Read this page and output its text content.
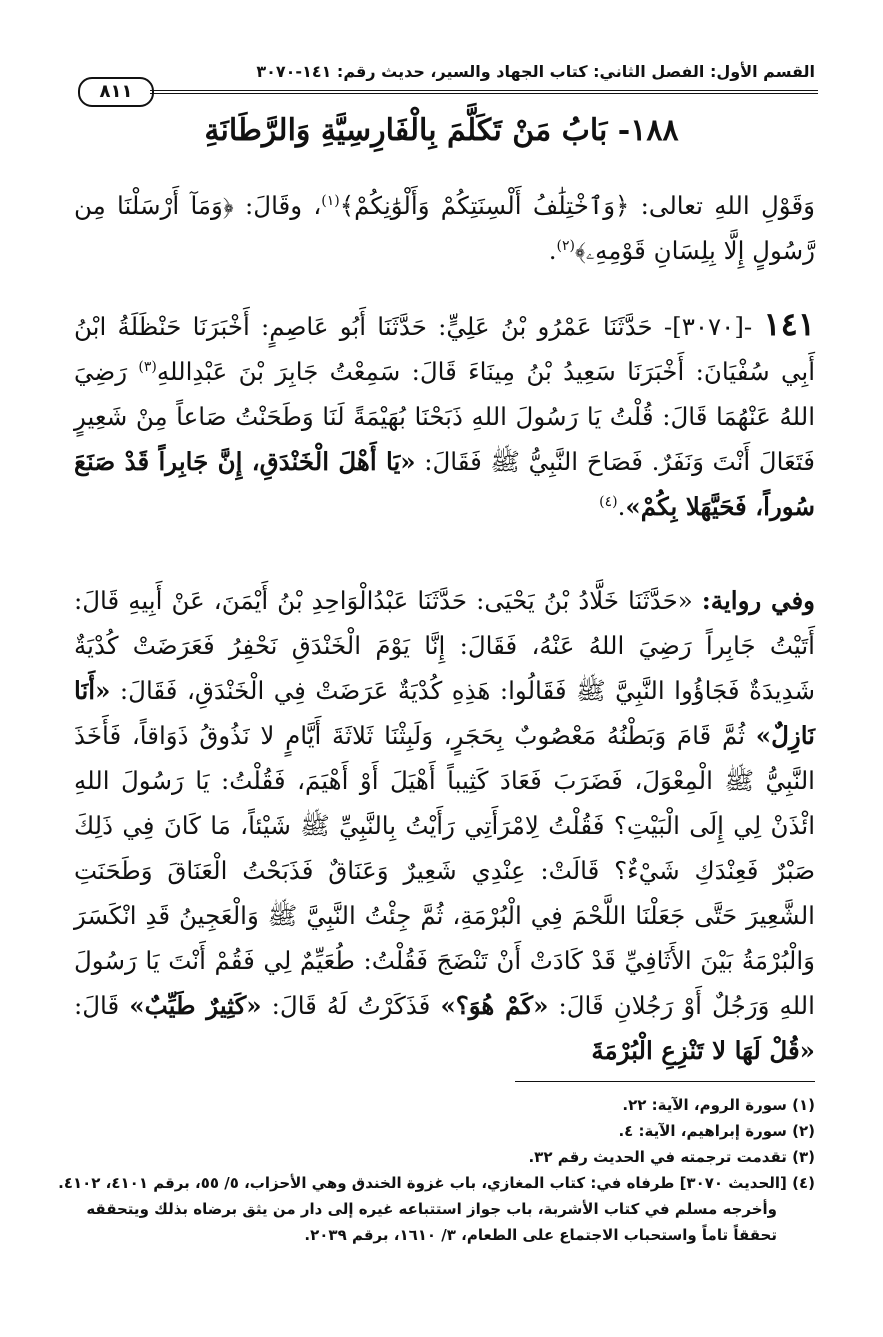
القسم الأول: الفصل الثاني: كتاب الجهاد والسير، حديث رقم: ١٤١-٣٠٧٠
٨١١
١٨٨- بَابُ مَنْ تَكَلَّمَ بِالْفَارِسِيَّةِ وَالرَّطَانَةِ

وَقَوْلِ اللهِ تعالى: ﴿وَٱخْتِلَٰفُ أَلْسِنَتِكُمْ وَأَلْوَٰنِكُمْ﴾$^{(١)}$، وقَالَ: ﴿وَمَآ أَرْسَلْنَا مِن رَّسُولٍ إِلَّا بِلِسَانِ قَوْمِهِۦ﴾$^{(٢)}$.

١٤١ -[٣٠٧٠]- حَدَّثَنَا عَمْرُو بْنُ عَلِيٍّ: حَدَّثَنَا أَبُو عَاصِمٍ: أَخْبَرَنَا حَنْظَلَةُ ابْنُ أَبِي سُفْيَانَ: أَخْبَرَنَا سَعِيدُ بْنُ مِينَاءَ قَالَ: سَمِعْتُ جَابِرَ بْنَ عَبْدِاللهِ$^{(٣)}$ رَضِيَ اللهُ عَنْهُمَا قَالَ: قُلْتُ يَا رَسُولَ اللهِ ذَبَحْنَا بُهَيْمَةً لَنَا وَطَحَنْتُ صَاعاً مِنْ شَعِيرٍ فَتَعَالَ أَنْتَ وَنَفَرٌ. فَصَاحَ النَّبِيُّ ﷺ فَقَالَ: «يَا أَهْلَ الْخَنْدَقِ، إِنَّ جَابِراً قَدْ صَنَعَ سُوراً، فَحَيَّهَلا بِكُمْ».$^{(٤)}$

وفي رواية: «حَدَّثَنَا خَلَّادُ بْنُ يَحْيَى: حَدَّثَنَا عَبْدُالْوَاحِدِ بْنُ أَيْمَنَ، عَنْ أَبِيهِ قَالَ: أَتَيْتُ جَابِراً رَضِيَ اللهُ عَنْهُ، فَقَالَ: إِنَّا يَوْمَ الْخَنْدَقِ نَحْفِرُ فَعَرَضَتْ كُدْيَةٌ شَدِيدَةٌ فَجَاؤُوا النَّبِيَّ ﷺ فَقَالُوا: هَذِهِ كُدْيَةٌ عَرَضَتْ فِي الْخَنْدَقِ، فَقَالَ: «أَنَا نَازِلٌ» ثُمَّ قَامَ وَبَطْنُهُ مَعْصُوبٌ بِحَجَرٍ، وَلَبِثْنَا ثَلاثَةَ أَيَّامٍ لا نَذُوقُ ذَوَاقاً، فَأَخَذَ النَّبِيُّ ﷺ الْمِعْوَلَ، فَضَرَبَ فَعَادَ كَثِيباً أَهْيَلَ أَوْ أَهْيَمَ، فَقُلْتُ: يَا رَسُولَ اللهِ ائْذَنْ لِي إِلَى الْبَيْتِ؟ فَقُلْتُ لِامْرَأَتِي رَأَيْتُ بِالنَّبِيِّ ﷺ شَيْئاً، مَا كَانَ فِي ذَلِكَ صَبْرٌ فَعِنْدَكِ شَيْءٌ؟ قَالَتْ: عِنْدِي شَعِيرٌ وَعَنَاقٌ فَذَبَحْتُ الْعَنَاقَ وَطَحَنَتِ الشَّعِيرَ حَتَّى جَعَلْنَا اللَّحْمَ فِي الْبُرْمَةِ، ثُمَّ جِئْتُ النَّبِيَّ ﷺ وَالْعَجِينُ قَدِ انْكَسَرَ وَالْبُرْمَةُ بَيْنَ الأَثَافِيِّ قَدْ كَادَتْ أَنْ تَنْضَجَ فَقُلْتُ: طُعَيِّمٌ لِي فَقُمْ أَنْتَ يَا رَسُولَ اللهِ وَرَجُلٌ أَوْ رَجُلانِ قَالَ: «كَمْ هُوَ؟» فَذَكَرْتُ لَهُ قَالَ: «كَثِيرٌ طَيِّبٌ» قَالَ: «قُلْ لَهَا لا تَنْزِعِ الْبُرْمَةَ

(١) سورة الروم، الآية: ٢٢.
(٢) سورة إبراهيم، الآية: ٤.
(٣) تقدمت ترجمته في الحديث رقم ٣٢.
(٤) [الحديث ٣٠٧٠] طرفاه في: كتاب المغازي، باب غزوة الخندق وهي الأحزاب، ٥/ ٥٥، برقم ٤١٠١، ٤١٠٢.
وأخرجه مسلم في كتاب الأشربة، باب جواز استتباعه غيره إلى دار من يثق برضاه بذلك ويتحققه تحققاً تاماً واستحباب الاجتماع على الطعام، ٣/ ١٦١٠، برقم ٢٠٣٩.
